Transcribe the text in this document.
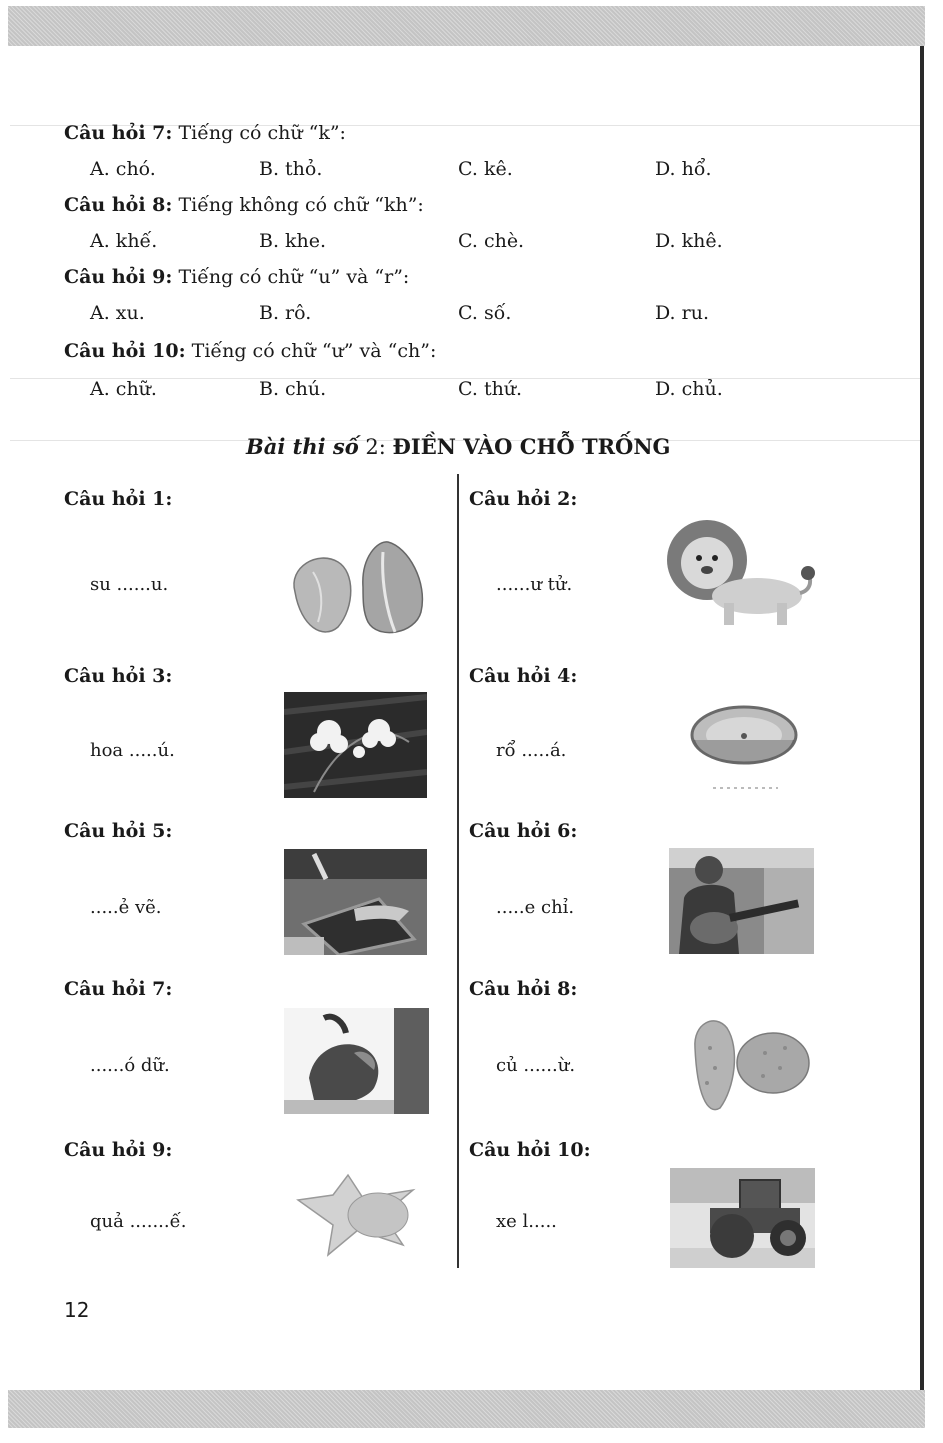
Câu hỏi 7: Tiếng có chữ “k”:
A. chó.	B. thỏ.	C. kê.	D. hổ.
Câu hỏi 8: Tiếng không có chữ “kh”:
A. khế.	B. khe.	C. chè.	D. khê.
Câu hỏi 9: Tiếng có chữ “u” và “r”:
A. xu.	B. rô.	C. số.	D. ru.
Câu hỏi 10: Tiếng có chữ “ư” và “ch”:
A. chữ.	B. chú.	C. thứ.	D. chủ.
Bài thi số 2: ĐIỀN VÀO CHỖ TRỐNG
Câu hỏi 1:
su ......u.
Câu hỏi 3:
hoa .....ú.
Câu hỏi 5:
.....ẻ vẽ.
Câu hỏi 7:
......ó dữ.
Câu hỏi 9:
quả .......ế.
Câu hỏi 2:
......ư tử.
Câu hỏi 4:
rổ .....á.
Câu hỏi 6:
.....e chỉ.
Câu hỏi 8:
củ ......ừ.
Câu hỏi 10:
xe l.....
12
